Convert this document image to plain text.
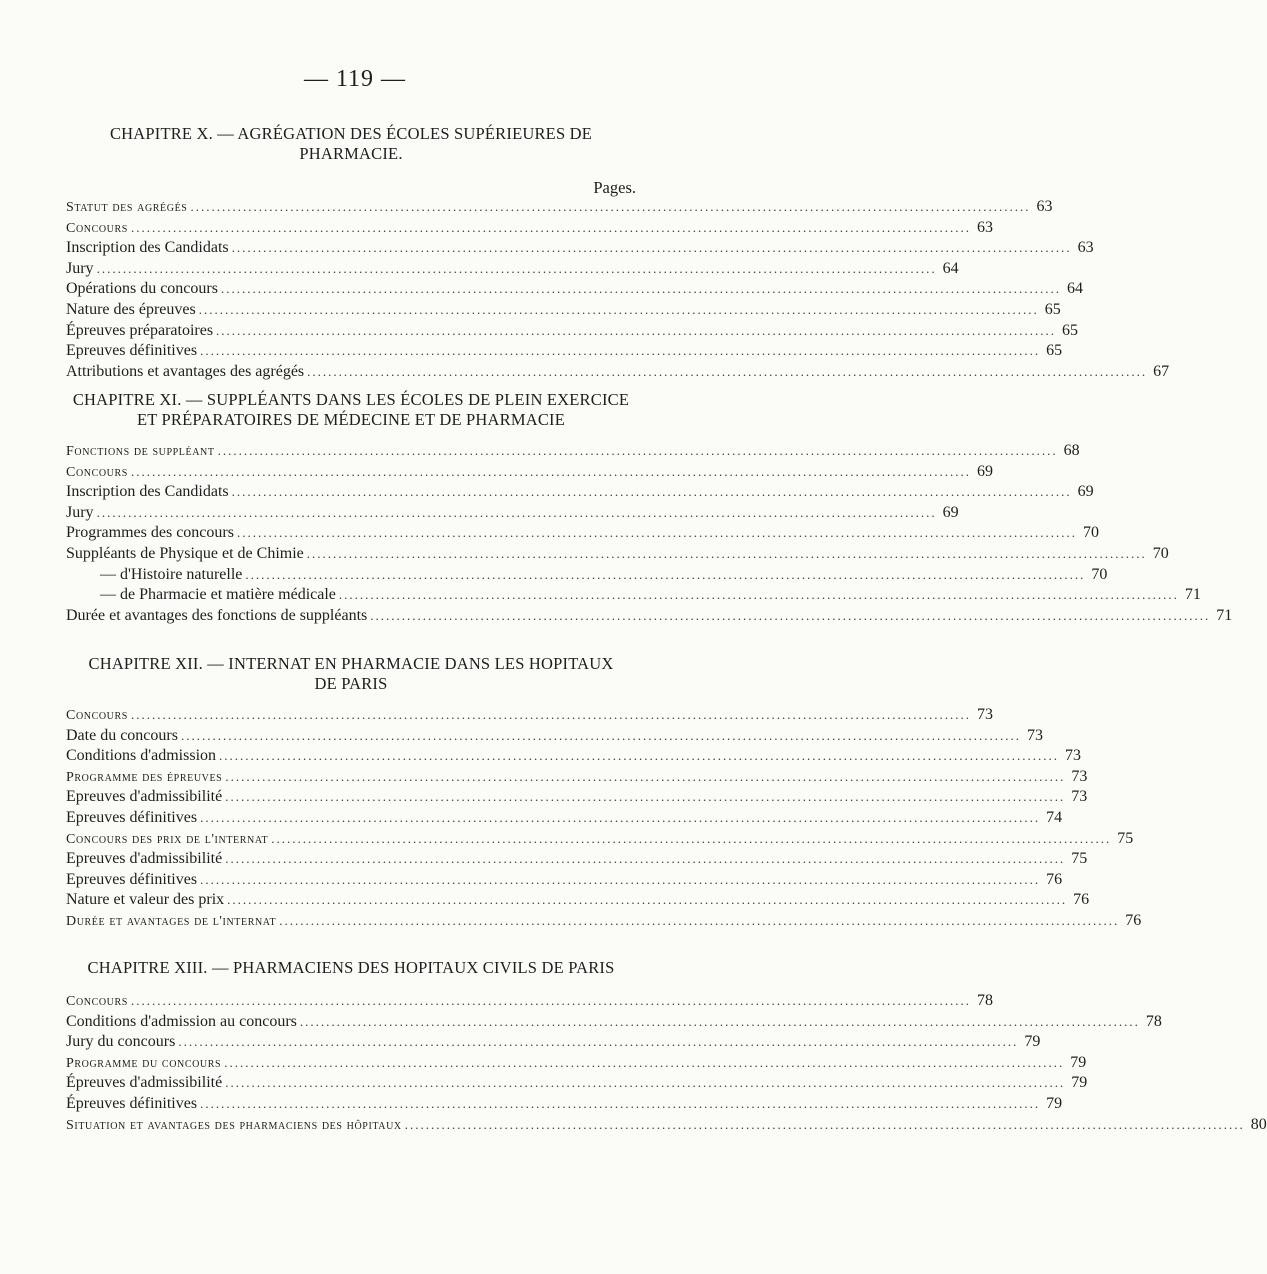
— 119 —
CHAPITRE X. — AGRÉGATION DES ÉCOLES SUPÉRIEURES DE PHARMACIE.
Pages.
Statut des agrégés ................................................................................................................................................................ 63
Concours ................................................................................................................................................................ 63
Inscription des Candidats ................................................................................................................................................................ 63
Jury ................................................................................................................................................................ 64
Opérations du concours ................................................................................................................................................................ 64
Nature des épreuves ................................................................................................................................................................ 65
Épreuves préparatoires ................................................................................................................................................................ 65
Epreuves définitives ................................................................................................................................................................ 65
Attributions et avantages des agrégés ................................................................................................................................................................ 67
CHAPITRE XI. — SUPPLÉANTS DANS LES ÉCOLES DE PLEIN EXERCICE
ET PRÉPARATOIRES DE MÉDECINE ET DE PHARMACIE
Fonctions de suppléant ................................................................................................................................................................ 68
Concours ................................................................................................................................................................ 69
Inscription des Candidats ................................................................................................................................................................ 69
Jury ................................................................................................................................................................ 69
Programmes des concours ................................................................................................................................................................ 70
Suppléants de Physique et de Chimie ................................................................................................................................................................ 70
— d'Histoire naturelle ................................................................................................................................................................ 70
— de Pharmacie et matière médicale ................................................................................................................................................................ 71
Durée et avantages des fonctions de suppléants ................................................................................................................................................................ 71
CHAPITRE XII. — INTERNAT EN PHARMACIE DANS LES HOPITAUX
DE PARIS
Concours ................................................................................................................................................................ 73
Date du concours ................................................................................................................................................................ 73
Conditions d'admission ................................................................................................................................................................ 73
Programme des épreuves ................................................................................................................................................................ 73
Epreuves d'admissibilité ................................................................................................................................................................ 73
Epreuves définitives ................................................................................................................................................................ 74
Concours des prix de l'internat ................................................................................................................................................................ 75
Epreuves d'admissibilité ................................................................................................................................................................ 75
Epreuves définitives ................................................................................................................................................................ 76
Nature et valeur des prix ................................................................................................................................................................ 76
Durée et avantages de l'internat ................................................................................................................................................................ 76
CHAPITRE XIII. — PHARMACIENS DES HOPITAUX CIVILS DE PARIS
Concours ................................................................................................................................................................ 78
Conditions d'admission au concours ................................................................................................................................................................ 78
Jury du concours ................................................................................................................................................................ 79
Programme du concours ................................................................................................................................................................ 79
Épreuves d'admissibilité ................................................................................................................................................................ 79
Épreuves définitives ................................................................................................................................................................ 79
Situation et avantages des pharmaciens des hôpitaux ................................................................................................................................................................ 80
